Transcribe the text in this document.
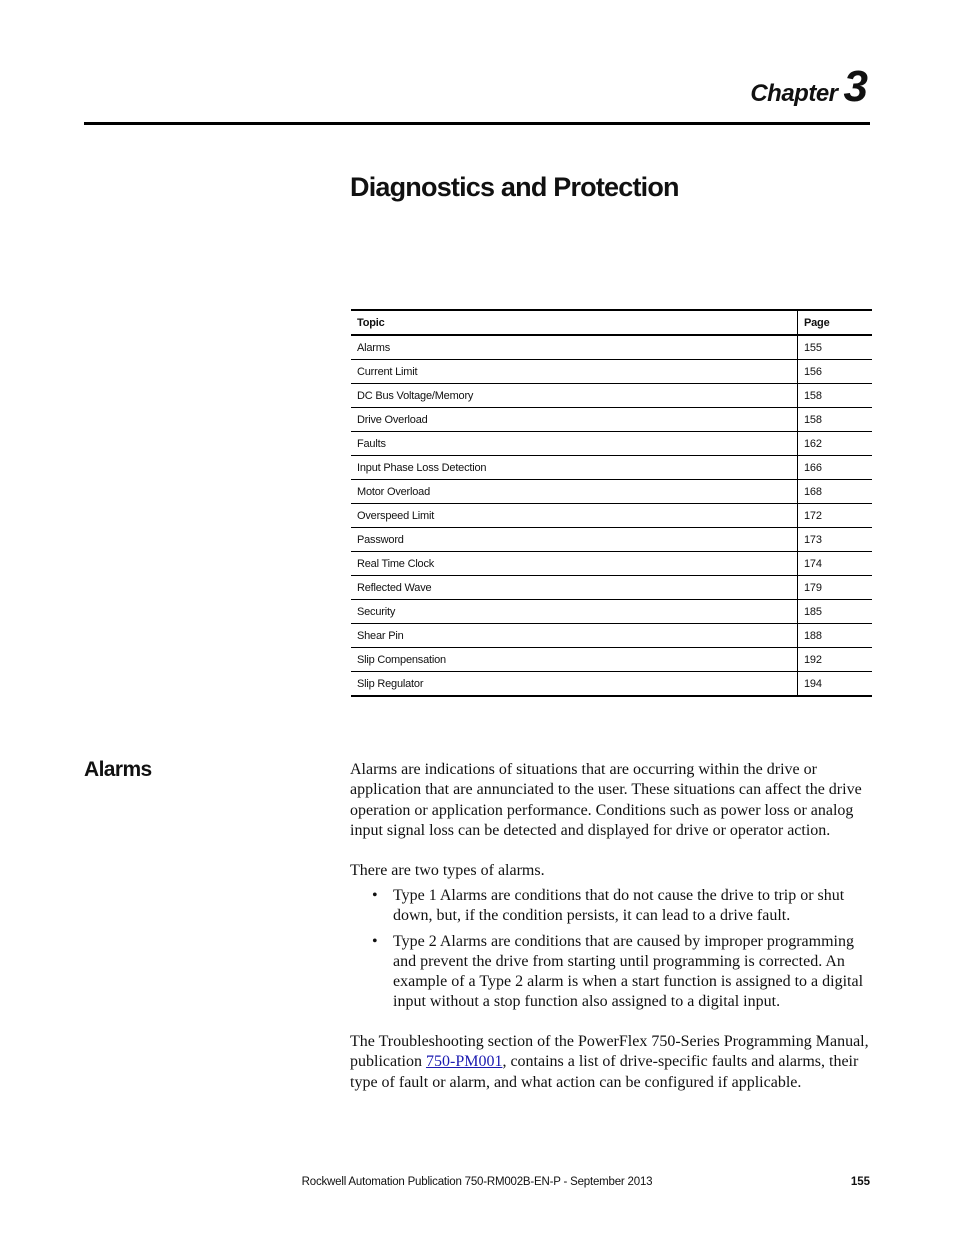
Chapter 3
Diagnostics and Protection
Topic	Page
Alarms	155
Current Limit	156
DC Bus Voltage/Memory	158
Drive Overload	158
Faults	162
Input Phase Loss Detection	166
Motor Overload	168
Overspeed Limit	172
Password	173
Real Time Clock	174
Reflected Wave	179
Security	185
Shear Pin	188
Slip Compensation	192
Slip Regulator	194
Alarms	Alarms are indications of situations that are occurring within the drive or application that are annunciated to the user. These situations can affect the drive operation or application performance. Conditions such as power loss or analog input signal loss can be detected and displayed for drive or operator action.

There are two types of alarms.

• Type 1 Alarms are conditions that do not cause the drive to trip or shut down, but, if the condition persists, it can lead to a drive fault.
• Type 2 Alarms are conditions that are caused by improper programming and prevent the drive from starting until programming is corrected. An example of a Type 2 alarm is when a start function is assigned to a digital input without a stop function also assigned to a digital input.

The Troubleshooting section of the PowerFlex 750-Series Programming Manual, publication 750-PM001, contains a list of drive-specific faults and alarms, their type of fault or alarm, and what action can be configured if applicable.

Rockwell Automation Publication 750-RM002B-EN-P - September 2013	155
